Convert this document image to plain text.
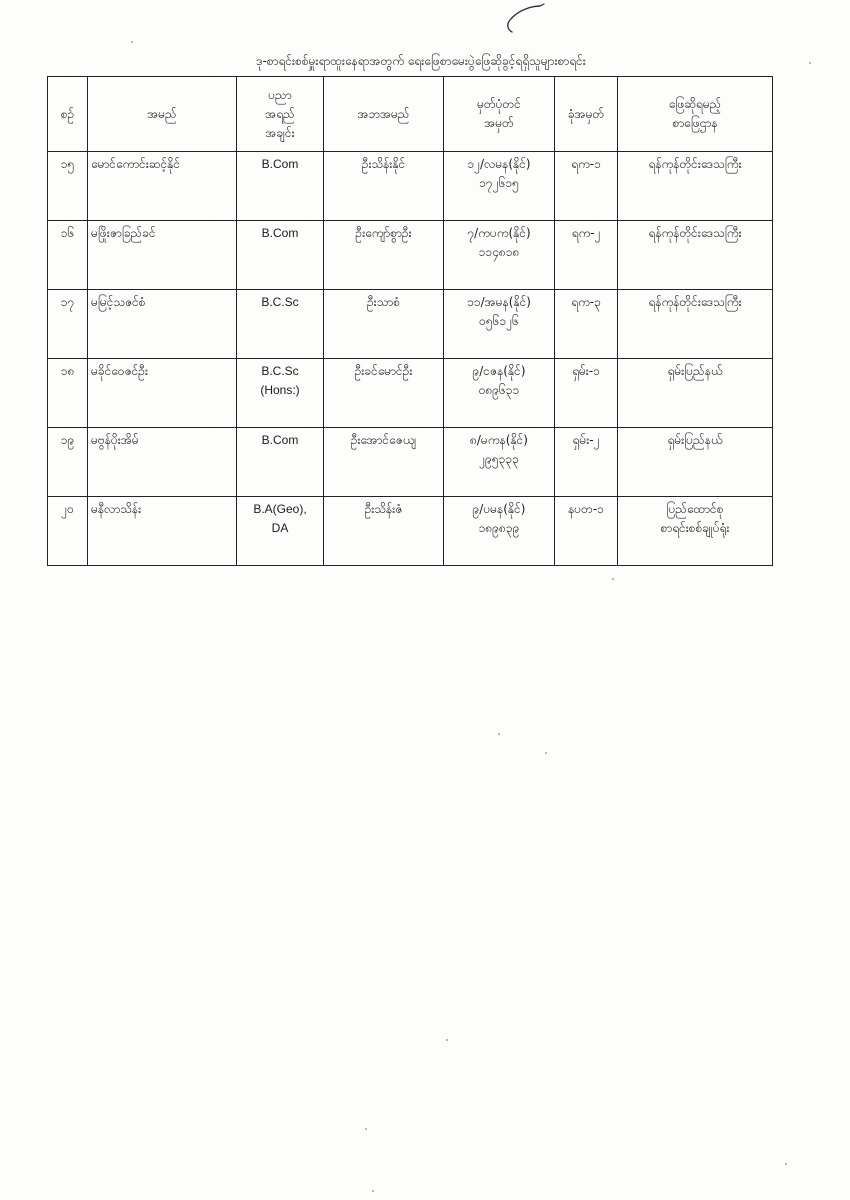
ဒု-စာရင်းစစ်မှူးရာထူးနေရာအတွက် ရေးဖြေစာမေးပွဲဖြေဆိုခွင့်ရရှိသူများစာရင်း
စဉ်	အမည်	ပညာ
အရည်
အချင်း	အဘအမည်	မှတ်ပုံတင်
အမှတ်	ခုံအမှတ်	ဖြေဆိုရမည့်
စာဖြေဌာန

၁၅	မောင်ကောင်းဆင့်နိုင်	B.Com	ဦးသိန်းနိုင်	၁၂/လမန(နိုင်)
၁၇၂၆၁၅	ရက-၁	ရန်ကုန်တိုင်းဒေသကြီး

၁၆	မဖြိုးဇာခြည်ခင်	B.Com	ဦးကျော်စွာဦး	၇/ကပက(နိုင်)
၁၁၄၈၁၈	ရက-၂	ရန်ကုန်တိုင်းဒေသကြီး

၁၇	မမြင့်သဇင်စံ	B.C.Sc	ဦးသာစံ	၁၁/အမန(နိုင်)
၀၅၆၁၂၆	ရက-၃	ရန်ကုန်တိုင်းဒေသကြီး

၁၈	မခိုင်ဝေဇင်ဦး	B.C.Sc
(Hons:)	ဦးခင်မောင်ဦး	၉/ငဇန(နိုင်)
၀၈၉၆၃၁	ရှမ်း-၁	ရှမ်းပြည်နယ်

၁၉	မဗွန်ပိုးအိမ်	B.Com	ဦးအောင်ဇေယျ	၈/မကန(နိုင်)
၂၉၅၃၃၃	ရှမ်း-၂	ရှမ်းပြည်နယ်

၂၀	မနီလာသိန်း	B.A(Geo),
DA	ဦးသိန်းဇံ	၉/ပမန(နိုင်)
၁၈၉၈၃၉	နပတ-၁	ပြည်ထောင်စု
စာရင်းစစ်ချုပ်ရုံး
